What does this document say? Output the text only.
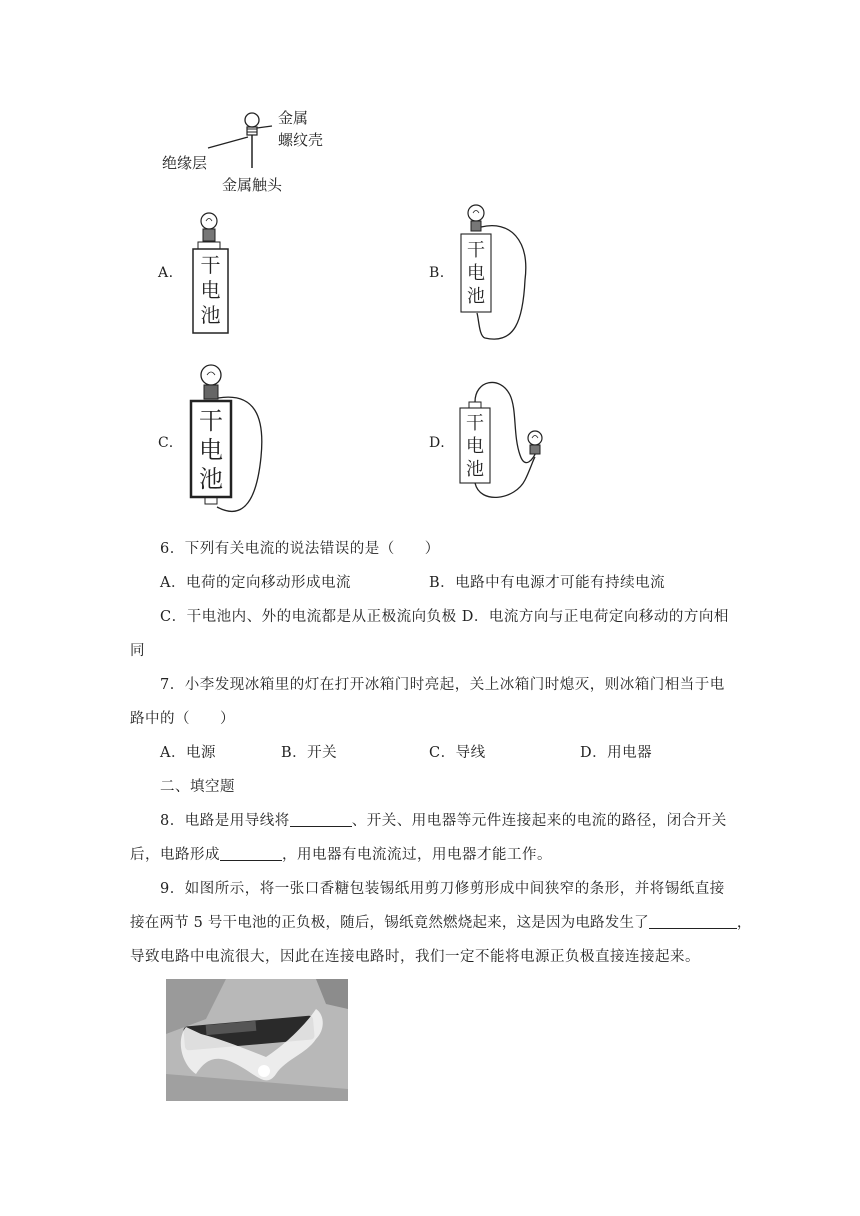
金属
螺纹壳
绝缘层
金属触头
A.	干
电
池
B.
干
电
池
C.
干
电
池
D.
干
电
池
6．下列有关电流的说法错误的是（　　）
A．电荷的定向移动形成电流	B．电路中有电源才可能有持续电流
C．干电池内、外的电流都是从正极流向负极 D．电流方向与正电荷定向移动的方向相
同
7．小李发现冰箱里的灯在打开冰箱门时亮起，关上冰箱门时熄灭，则冰箱门相当于电
路中的（　　）
A．电源	B．开关	C．导线	D．用电器
二、填空题
8．电路是用导线将	、开关、用电器等元件连接起来的电流的路径，闭合开关
后，电路形成	，用电器有电流流过，用电器才能工作。
9．如图所示，将一张口香糖包装锡纸用剪刀修剪形成中间狭窄的条形，并将锡纸直接
接在两节 5 号干电池的正负极，随后，锡纸竟然燃烧起来，这是因为电路发生了	，
导致电路中电流很大，因此在连接电路时，我们一定不能将电源正负极直接连接起来。
